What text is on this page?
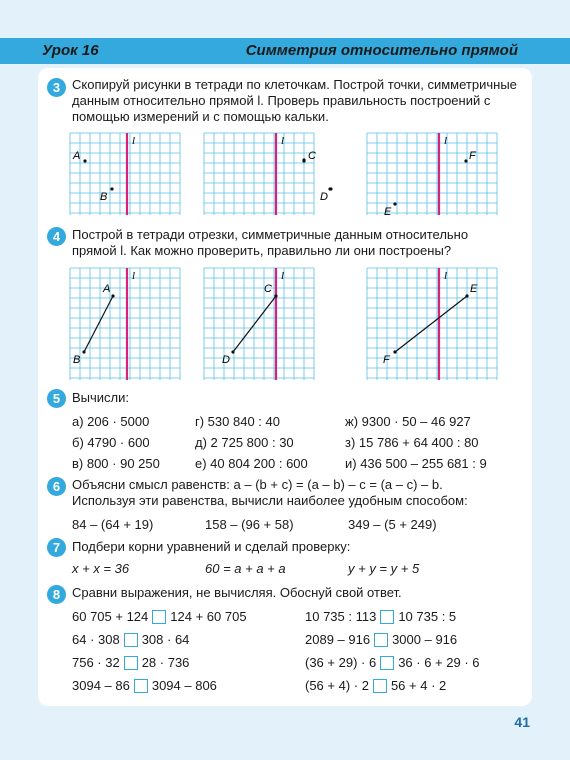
Урок 16	Симметрия относительно прямой
3 Скопируй рисунки в тетради по клеточкам. Построй точки, симметричные
данным относительно прямой l. Проверь правильность построений с
помощью измерений и с помощью кальки.
l
A
B
l
C
D
l
F
E
4 Построй в тетради отрезки, симметричные данным относительно
прямой l. Как можно проверить, правильно ли они построены?
l
A
B
l
C
D
l
E
F
5 Вычисли:
а) 206 · 5000	г) 530 840 : 40	ж) 9300 · 50 – 46 927
б) 4790 · 600	д) 2 725 800 : 30	з) 15 786 + 64 400 : 80
в) 800 · 90 250	е) 40 804 200 : 600	и) 436 500 – 255 681 : 9
6 Объясни смысл равенств: a – (b + c) = (a – b) – c = (a – c) – b.
Используя эти равенства, вычисли наиболее удобным способом:
84 – (64 + 19)	158 – (96 + 58)	349 – (5 + 249)
7 Подбери корни уравнений и сделай проверку:
x + x = 36	60 = a + a + a	y + y = y + 5
8 Сравни выражения, не вычисляя. Обоснуй свой ответ.
60 705 + 124 124 + 60 705	10 735 : 113 10 735 : 5
64 · 308 308 · 64	2089 – 916 3000 – 916
756 · 32 28 · 736	(36 + 29) · 6 36 · 6 + 29 · 6
3094 – 86 3094 – 806	(56 + 4) · 2 56 + 4 · 2
41
